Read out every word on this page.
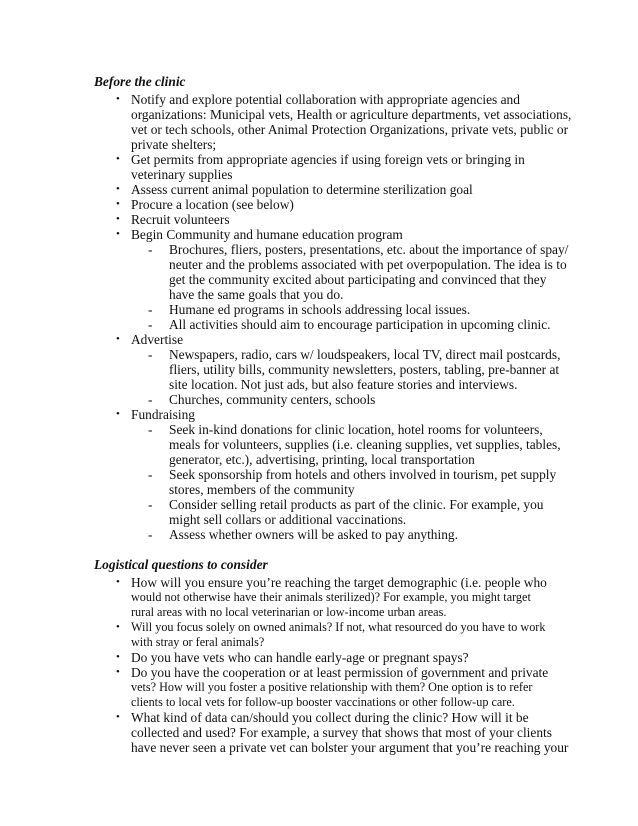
Before the clinic
• Notify and explore potential collaboration with appropriate agencies and
organizations: Municipal vets, Health or agriculture departments, vet associations,
vet or tech schools, other Animal Protection Organizations, private vets, public or
private shelters;
• Get permits from appropriate agencies if using foreign vets or bringing in
veterinary supplies
• Assess current animal population to determine sterilization goal
• Procure a location (see below)
• Recruit volunteers
• Begin Community and humane education program
- Brochures, fliers, posters, presentations, etc. about the importance of spay/
neuter and the problems associated with pet overpopulation. The idea is to
get the community excited about participating and convinced that they
have the same goals that you do.
- Humane ed programs in schools addressing local issues.
- All activities should aim to encourage participation in upcoming clinic.
• Advertise
- Newspapers, radio, cars w/ loudspeakers, local TV, direct mail postcards,
fliers, utility bills, community newsletters, posters, tabling, pre-banner at
site location. Not just ads, but also feature stories and interviews.
- Churches, community centers, schools
• Fundraising
- Seek in-kind donations for clinic location, hotel rooms for volunteers,
meals for volunteers, supplies (i.e. cleaning supplies, vet supplies, tables,
generator, etc.), advertising, printing, local transportation
- Seek sponsorship from hotels and others involved in tourism, pet supply
stores, members of the community
- Consider selling retail products as part of the clinic. For example, you
might sell collars or additional vaccinations.
- Assess whether owners will be asked to pay anything.
Logistical questions to consider
• How will you ensure you’re reaching the target demographic (i.e. people who
would not otherwise have their animals sterilized)? For example, you might target
rural areas with no local veterinarian or low-income urban areas.
• Will you focus solely on owned animals? If not, what resourced do you have to work
with stray or feral animals?
• Do you have vets who can handle early-age or pregnant spays?
• Do you have the cooperation or at least permission of government and private
vets? How will you foster a positive relationship with them? One option is to refer
clients to local vets for follow-up booster vaccinations or other follow-up care.
• What kind of data can/should you collect during the clinic? How will it be
collected and used? For example, a survey that shows that most of your clients
have never seen a private vet can bolster your argument that you’re reaching your
